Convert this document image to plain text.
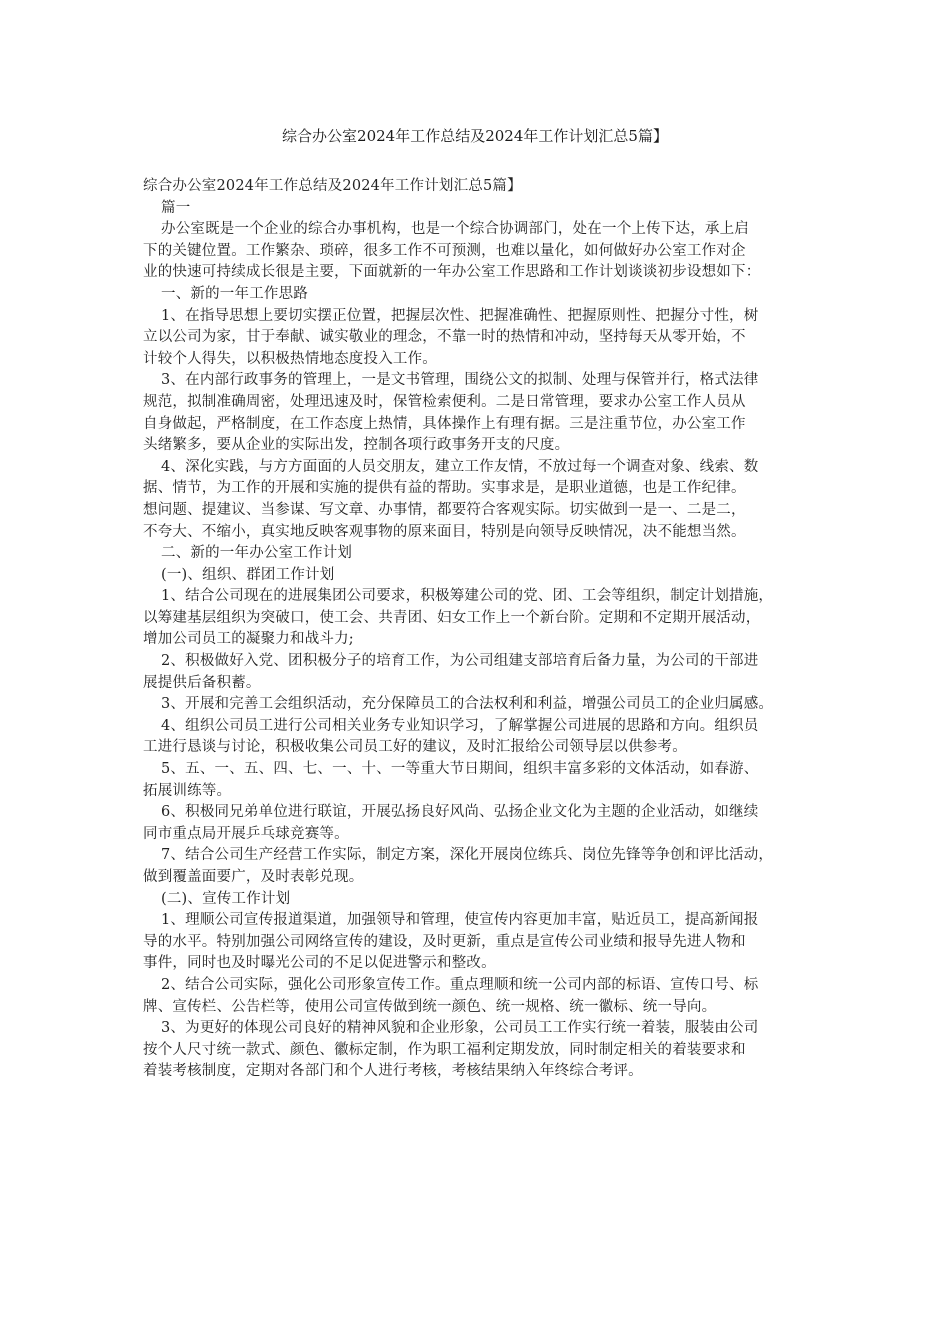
综合办公室2024年工作总结及2024年工作计划汇总5篇】

综合办公室2024年工作总结及2024年工作计划汇总5篇】

篇一

办公室既是一个企业的综合办事机构，也是一个综合协调部门，处在一个上传下达，承上启

下的关键位置。工作繁杂、琐碎，很多工作不可预测，也难以量化，如何做好办公室工作对企

业的快速可持续成长很是主要，下面就新的一年办公室工作思路和工作计划谈谈初步设想如下：

一、新的一年工作思路

1、在指导思想上要切实摆正位置，把握层次性、把握准确性、把握原则性、把握分寸性，树

立以公司为家，甘于奉献、诚实敬业的理念，不靠一时的热情和冲动，坚持每天从零开始，不

计较个人得失，以积极热情地态度投入工作。

3、在内部行政事务的管理上，一是文书管理，围绕公文的拟制、处理与保管并行，格式法律

规范，拟制准确周密，处理迅速及时，保管检索便利。二是日常管理，要求办公室工作人员从

自身做起，严格制度，在工作态度上热情，具体操作上有理有据。三是注重节位，办公室工作

头绪繁多，要从企业的实际出发，控制各项行政事务开支的尺度。

4、深化实践，与方方面面的人员交朋友，建立工作友情，不放过每一个调查对象、线索、数

据、情节，为工作的开展和实施的提供有益的帮助。实事求是，是职业道德，也是工作纪律。

想问题、提建议、当参谋、写文章、办事情，都要符合客观实际。切实做到一是一、二是二，

不夸大、不缩小，真实地反映客观事物的原来面目，特别是向领导反映情况，决不能想当然。

二、新的一年办公室工作计划

(一)、组织、群团工作计划

1、结合公司现在的进展集团公司要求，积极筹建公司的党、团、工会等组织，制定计划措施，

以筹建基层组织为突破口，使工会、共青团、妇女工作上一个新台阶。定期和不定期开展活动，

增加公司员工的凝聚力和战斗力;

2、积极做好入党、团积极分子的培育工作，为公司组建支部培育后备力量，为公司的干部进

展提供后备积蓄。

3、开展和完善工会组织活动，充分保障员工的合法权利和利益，增强公司员工的企业归属感。

4、组织公司员工进行公司相关业务专业知识学习，了解掌握公司进展的思路和方向。组织员

工进行恳谈与讨论，积极收集公司员工好的建议，及时汇报给公司领导层以供参考。

5、五、一、五、四、七、一、十、一等重大节日期间，组织丰富多彩的文体活动，如春游、

拓展训练等。

6、积极同兄弟单位进行联谊，开展弘扬良好风尚、弘扬企业文化为主题的企业活动，如继续

同市重点局开展乒乓球竞赛等。

7、结合公司生产经营工作实际，制定方案，深化开展岗位练兵、岗位先锋等争创和评比活动，

做到覆盖面要广，及时表彰兑现。

(二)、宣传工作计划

1、理顺公司宣传报道渠道，加强领导和管理，使宣传内容更加丰富，贴近员工，提高新闻报

导的水平。特别加强公司网络宣传的建设，及时更新，重点是宣传公司业绩和报导先进人物和

事件，同时也及时曝光公司的不足以促进警示和整改。

2、结合公司实际，强化公司形象宣传工作。重点理顺和统一公司内部的标语、宣传口号、标

牌、宣传栏、公告栏等，使用公司宣传做到统一颜色、统一规格、统一徽标、统一导向。

3、为更好的体现公司良好的精神风貌和企业形象，公司员工工作实行统一着装，服装由公司

按个人尺寸统一款式、颜色、徽标定制，作为职工福利定期发放，同时制定相关的着装要求和

着装考核制度，定期对各部门和个人进行考核，考核结果纳入年终综合考评。
